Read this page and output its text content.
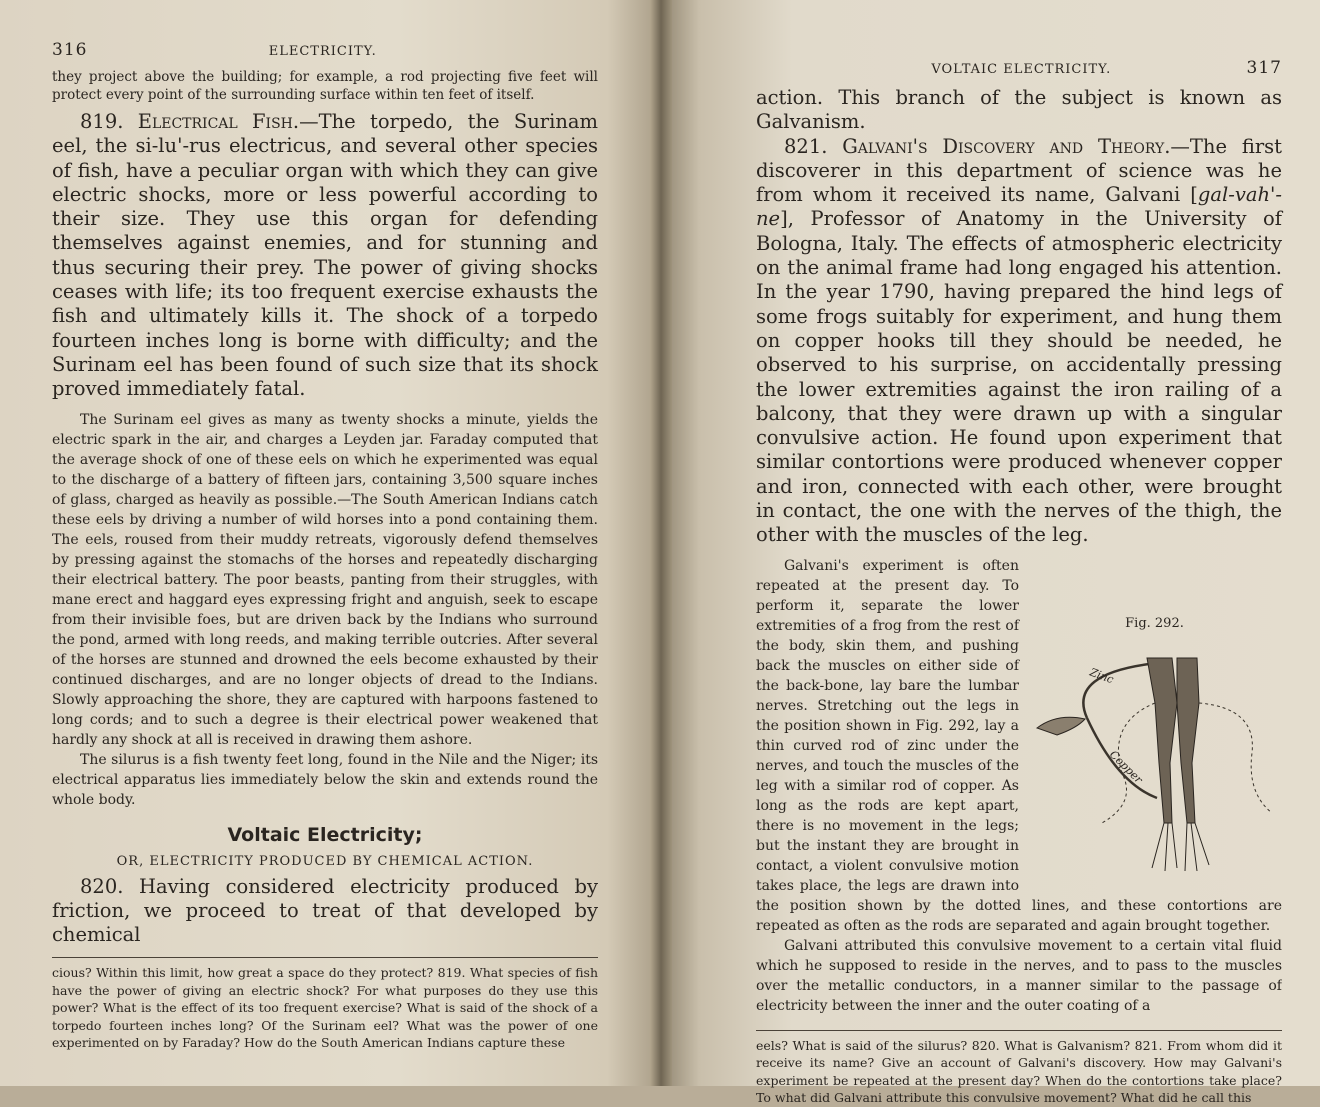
316	ELECTRICITY.

they project above the building; for example, a rod projecting five feet will protect every point of the surrounding surface within ten feet of itself.

819. Electrical Fish.—The torpedo, the Surinam eel, the si-lu'-rus electricus, and several other species of fish, have a peculiar organ with which they can give electric shocks, more or less powerful according to their size. They use this organ for defending themselves against enemies, and for stunning and thus securing their prey. The power of giving shocks ceases with life; its too frequent exercise exhausts the fish and ultimately kills it. The shock of a torpedo fourteen inches long is borne with difficulty; and the Surinam eel has been found of such size that its shock proved immediately fatal.

The Surinam eel gives as many as twenty shocks a minute, yields the electric spark in the air, and charges a Leyden jar. Faraday computed that the average shock of one of these eels on which he experimented was equal to the discharge of a battery of fifteen jars, containing 3,500 square inches of glass, charged as heavily as possible.—The South American Indians catch these eels by driving a number of wild horses into a pond containing them. The eels, roused from their muddy retreats, vigorously defend themselves by pressing against the stomachs of the horses and repeatedly discharging their electrical battery. The poor beasts, panting from their struggles, with mane erect and haggard eyes expressing fright and anguish, seek to escape from their invisible foes, but are driven back by the Indians who surround the pond, armed with long reeds, and making terrible outcries. After several of the horses are stunned and drowned the eels become exhausted by their continued discharges, and are no longer objects of dread to the Indians. Slowly approaching the shore, they are captured with harpoons fastened to long cords; and to such a degree is their electrical power weakened that hardly any shock at all is received in drawing them ashore.

The silurus is a fish twenty feet long, found in the Nile and the Niger; its electrical apparatus lies immediately below the skin and extends round the whole body.

Voltaic Electricity;
OR, ELECTRICITY PRODUCED BY CHEMICAL ACTION.

820. Having considered electricity produced by friction, we proceed to treat of that developed by chemical

cious? Within this limit, how great a space do they protect? 819. What species of fish have the power of giving an electric shock? For what purposes do they use this power? What is the effect of its too frequent exercise? What is said of the shock of a torpedo fourteen inches long? Of the Surinam eel? What was the power of one experimented on by Faraday? How do the South American Indians capture these

VOLTAIC ELECTRICITY.	317

action. This branch of the subject is known as Galvanism.

821. Galvani's Discovery and Theory.—The first discoverer in this department of science was he from whom it received its name, Galvani [gal-vah'-ne], Professor of Anatomy in the University of Bologna, Italy. The effects of atmospheric electricity on the animal frame had long engaged his attention. In the year 1790, having prepared the hind legs of some frogs suitably for experiment, and hung them on copper hooks till they should be needed, he observed to his surprise, on accidentally pressing the lower extremities against the iron railing of a balcony, that they were drawn up with a singular convulsive action. He found upon experiment that similar contortions were produced whenever copper and iron, connected with each other, were brought in contact, the one with the nerves of the thigh, the other with the muscles of the leg.

Fig. 292.
Zinc
Copper

Galvani's experiment is often repeated at the present day. To perform it, separate the lower extremities of a frog from the rest of the body, skin them, and pushing back the muscles on either side of the back-bone, lay bare the lumbar nerves. Stretching out the legs in the position shown in Fig. 292, lay a thin curved rod of zinc under the nerves, and touch the muscles of the leg with a similar rod of copper. As long as the rods are kept apart, there is no movement in the legs; but the instant they are brought in contact, a violent convulsive motion takes place, the legs are drawn into the position shown by the dotted lines, and these contortions are repeated as often as the rods are separated and again brought together.

Galvani attributed this convulsive movement to a certain vital fluid which he supposed to reside in the nerves, and to pass to the muscles over the metallic conductors, in a manner similar to the passage of electricity between the inner and the outer coating of a

eels? What is said of the silurus? 820. What is Galvanism? 821. From whom did it receive its name? Give an account of Galvani's discovery. How may Galvani's experiment be repeated at the present day? When do the contortions take place? To what did Galvani attribute this convulsive movement? What did he call this
